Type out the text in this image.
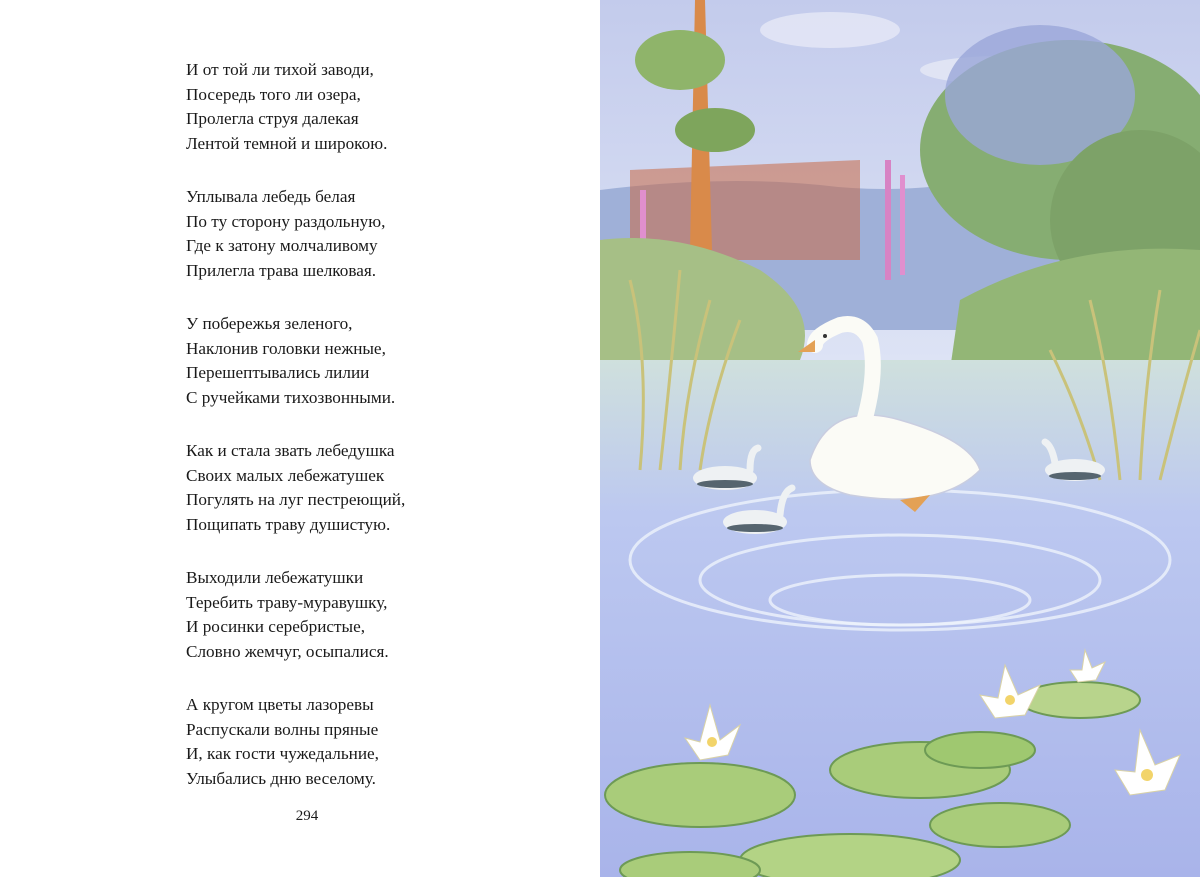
И от той ли тихой заводи,
Посередь того ли озера,
Пролегла струя далекая
Лентой темной и широкою.
Уплывала лебедь белая
По ту сторону раздольную,
Где к затону молчаливому
Прилегла трава шелковая.
У побережья зеленого,
Наклонив головки нежные,
Перешептывались лилии
С ручейками тихозвонными.
Как и стала звать лебедушка
Своих малых лебежатушек
Погулять на луг пестреющий,
Пощипать траву душистую.
Выходили лебежатушки
Теребить траву-муравушку,
И росинки серебристые,
Словно жемчуг, осыпалися.
А кругом цветы лазоревы
Распускали волны пряные
И, как гости чужедальние,
Улыбались дню веселому.
294
